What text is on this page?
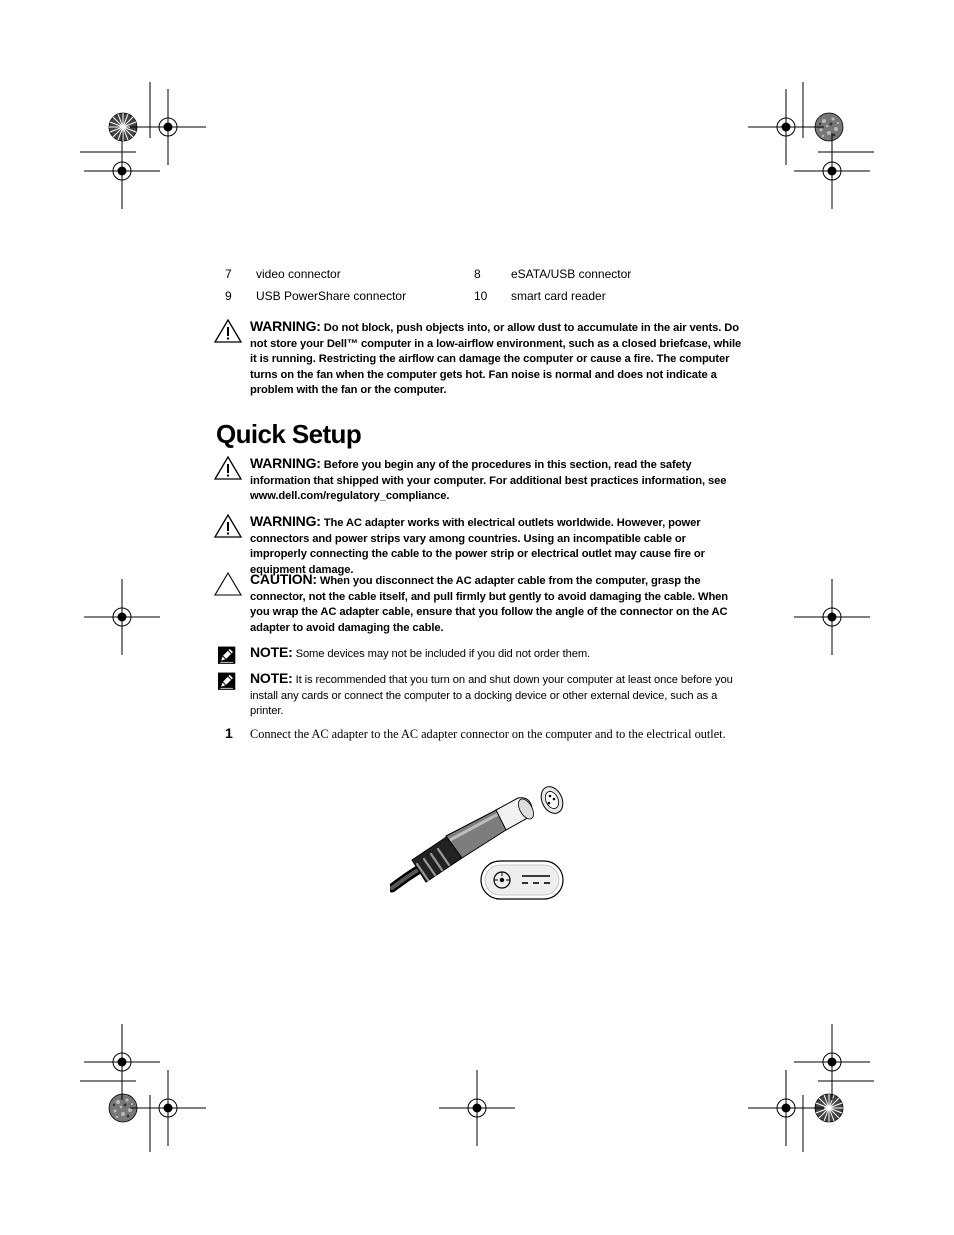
7 video connector	8	eSATA/USB connector
9 USB PowerShare connector	10 smart card reader
WARNING: Do not block, push objects into, or allow dust to accumulate in the air vents. Do not store your Dell™ computer in a low-airflow environment, such as a closed briefcase, while it is running. Restricting the airflow can damage the computer or cause a fire. The computer turns on the fan when the computer gets hot. Fan noise is normal and does not indicate a problem with the fan or the computer.
Quick Setup
WARNING: Before you begin any of the procedures in this section, read the safety information that shipped with your computer. For additional best practices information, see www.dell.com/regulatory_compliance.
WARNING: The AC adapter works with electrical outlets worldwide. However, power connectors and power strips vary among countries. Using an incompatible cable or improperly connecting the cable to the power strip or electrical outlet may cause fire or equipment damage.
CAUTION: When you disconnect the AC adapter cable from the computer, grasp the connector, not the cable itself, and pull firmly but gently to avoid damaging the cable. When you wrap the AC adapter cable, ensure that you follow the angle of the connector on the AC adapter to avoid damaging the cable.
NOTE: Some devices may not be included if you did not order them.
NOTE: It is recommended that you turn on and shut down your computer at least once before you install any cards or connect the computer to a docking device or other external device, such as a printer.
1 Connect the AC adapter to the AC adapter connector on the computer and to the electrical outlet.
